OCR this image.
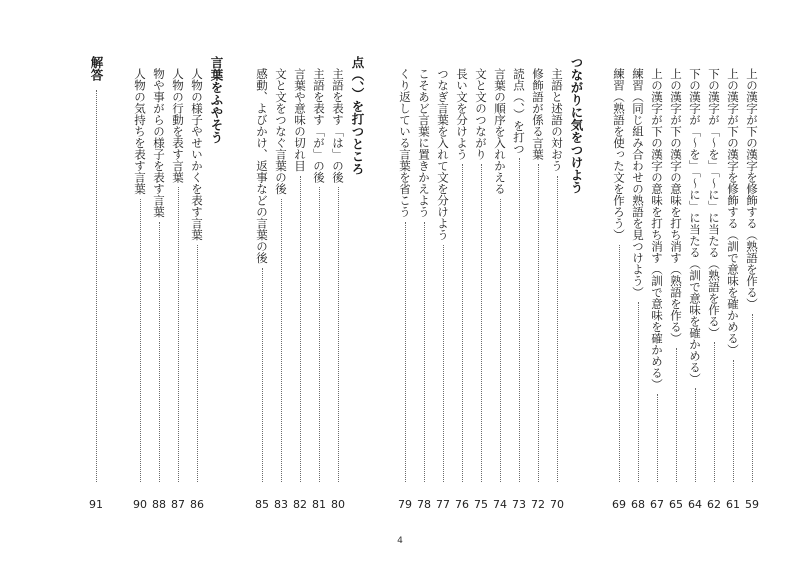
上の漢字が下の漢字を修飾する（熟語を作る）
59
上の漢字が下の漢字を修飾する（訓で意味を確かめる）
61
下の漢字が「～を」「～に」に当たる（熟語を作る）
62
下の漢字が「～を」「～に」に当たる（訓で意味を確かめる）
64
上の漢字が下の漢字の意味を打ち消す（熟語を作る）
65
上の漢字が下の漢字の意味を打ち消す（訓で意味を確かめる）
67
練習（同じ組み合わせの熟語を見つけよう）
68
練習（熟語を使った文を作ろう）
69
つながりに気をつけよう
主語と述語の対おう
70
修飾語が係る言葉
72
読点（、）を打つ
73
言葉の順序を入れかえる
74
文と文のつながり
75
長い文を分けよう
76
つなぎ言葉を入れて文を分けよう
77
こそあど言葉に置きかえよう
78
くり返している言葉を省こう
79
点（、）を打つところ
主語を表す「は」の後
80
主語を表す「が」の後
81
言葉や意味の切れ目
82
文と文をつなぐ言葉の後
83
感動、よびかけ、返事などの言葉の後
85
言葉をふやそう
人物の様子やせいかくを表す言葉
86
人物の行動を表す言葉
87
物や事がらの様子を表す言葉
88
人物の気持ちを表す言葉
90
解答
91
4
